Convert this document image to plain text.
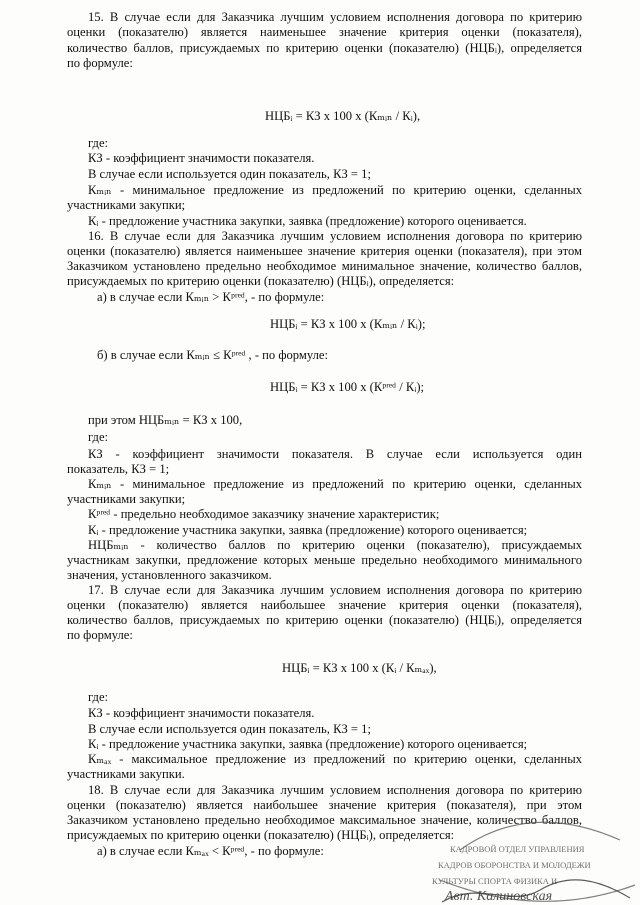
15. В случае если для Заказчика лучшим условием исполнения договора по критерию
оценки (показателю) является наименьшее значение критерия оценки (показателя),
количество баллов, присуждаемых по критерию оценки (показателю) (НЦБᵢ), определяется
по формуле:
НЦБᵢ = КЗ х 100 х (Кₘᵢₙ / Кᵢ),
где:
КЗ - коэффициент значимости показателя.
В случае если используется один показатель, КЗ = 1;
Кₘᵢₙ - минимальное предложение из предложений по критерию оценки, сделанных
участниками закупки;
Кᵢ - предложение участника закупки, заявка (предложение) которого оценивается.
16. В случае если для Заказчика лучшим условием исполнения договора по критерию
оценки (показателю) является наименьшее значение критерия оценки (показателя), при этом
Заказчиком установлено предельно необходимое минимальное значение, количество баллов,
присуждаемых по критерию оценки (показателю) (НЦБᵢ), определяется:
а) в случае если Кₘᵢₙ > Кᵖʳᵉᵈ, - по формуле:
НЦБᵢ = КЗ х 100 х (Кₘᵢₙ / Кᵢ);
б) в случае если Кₘᵢₙ ≤ Кᵖʳᵉᵈ , - по формуле:
НЦБᵢ = КЗ х 100 х (Кᵖʳᵉᵈ / Кᵢ);
при этом НЦБₘᵢₙ = КЗ х 100,
где:
КЗ - коэффициент значимости показателя. В случае если используется один
показатель, КЗ = 1;
Кₘᵢₙ - минимальное предложение из предложений по критерию оценки, сделанных
участниками закупки;
Кᵖʳᵉᵈ - предельно необходимое заказчику значение характеристик;
Кᵢ - предложение участника закупки, заявка (предложение) которого оценивается;
НЦБₘᵢₙ - количество баллов по критерию оценки (показателю), присуждаемых
участникам закупки, предложение которых меньше предельно необходимого минимального
значения, установленного заказчиком.
17. В случае если для Заказчика лучшим условием исполнения договора по критерию
оценки (показателю) является наибольшее значение критерия оценки (показателя),
количество баллов, присуждаемых по критерию оценки (показателю) (НЦБᵢ), определяется
по формуле:
НЦБᵢ = КЗ х 100 х (Кᵢ / Кₘₐₓ),
где:
КЗ - коэффициент значимости показателя.
В случае если используется один показатель, КЗ = 1;
Кᵢ - предложение участника закупки, заявка (предложение) которого оценивается;
Кₘₐₓ - максимальное предложение из предложений по критерию оценки, сделанных
участниками закупки.
18. В случае если для Заказчика лучшим условием исполнения договора по критерию
оценки (показателю) является наибольшее значение критерия (показателя), при этом
Заказчиком установлено предельно необходимое максимальное значение, количество баллов,
присуждаемых по критерию оценки (показателю) (НЦБᵢ), определяется:
а) в случае если Кₘₐₓ < Кᵖʳᵉᵈ, - по формуле:	КАДРОВОЙ ОТДЕЛ УПРАВЛЕНИЯ
КАДРОВ ОБОРОНСТВА И МОЛОДЕЖИ
КУЛЬТУРЫ СПОРТА ФИЗИКА И
Авт. Калиновская
